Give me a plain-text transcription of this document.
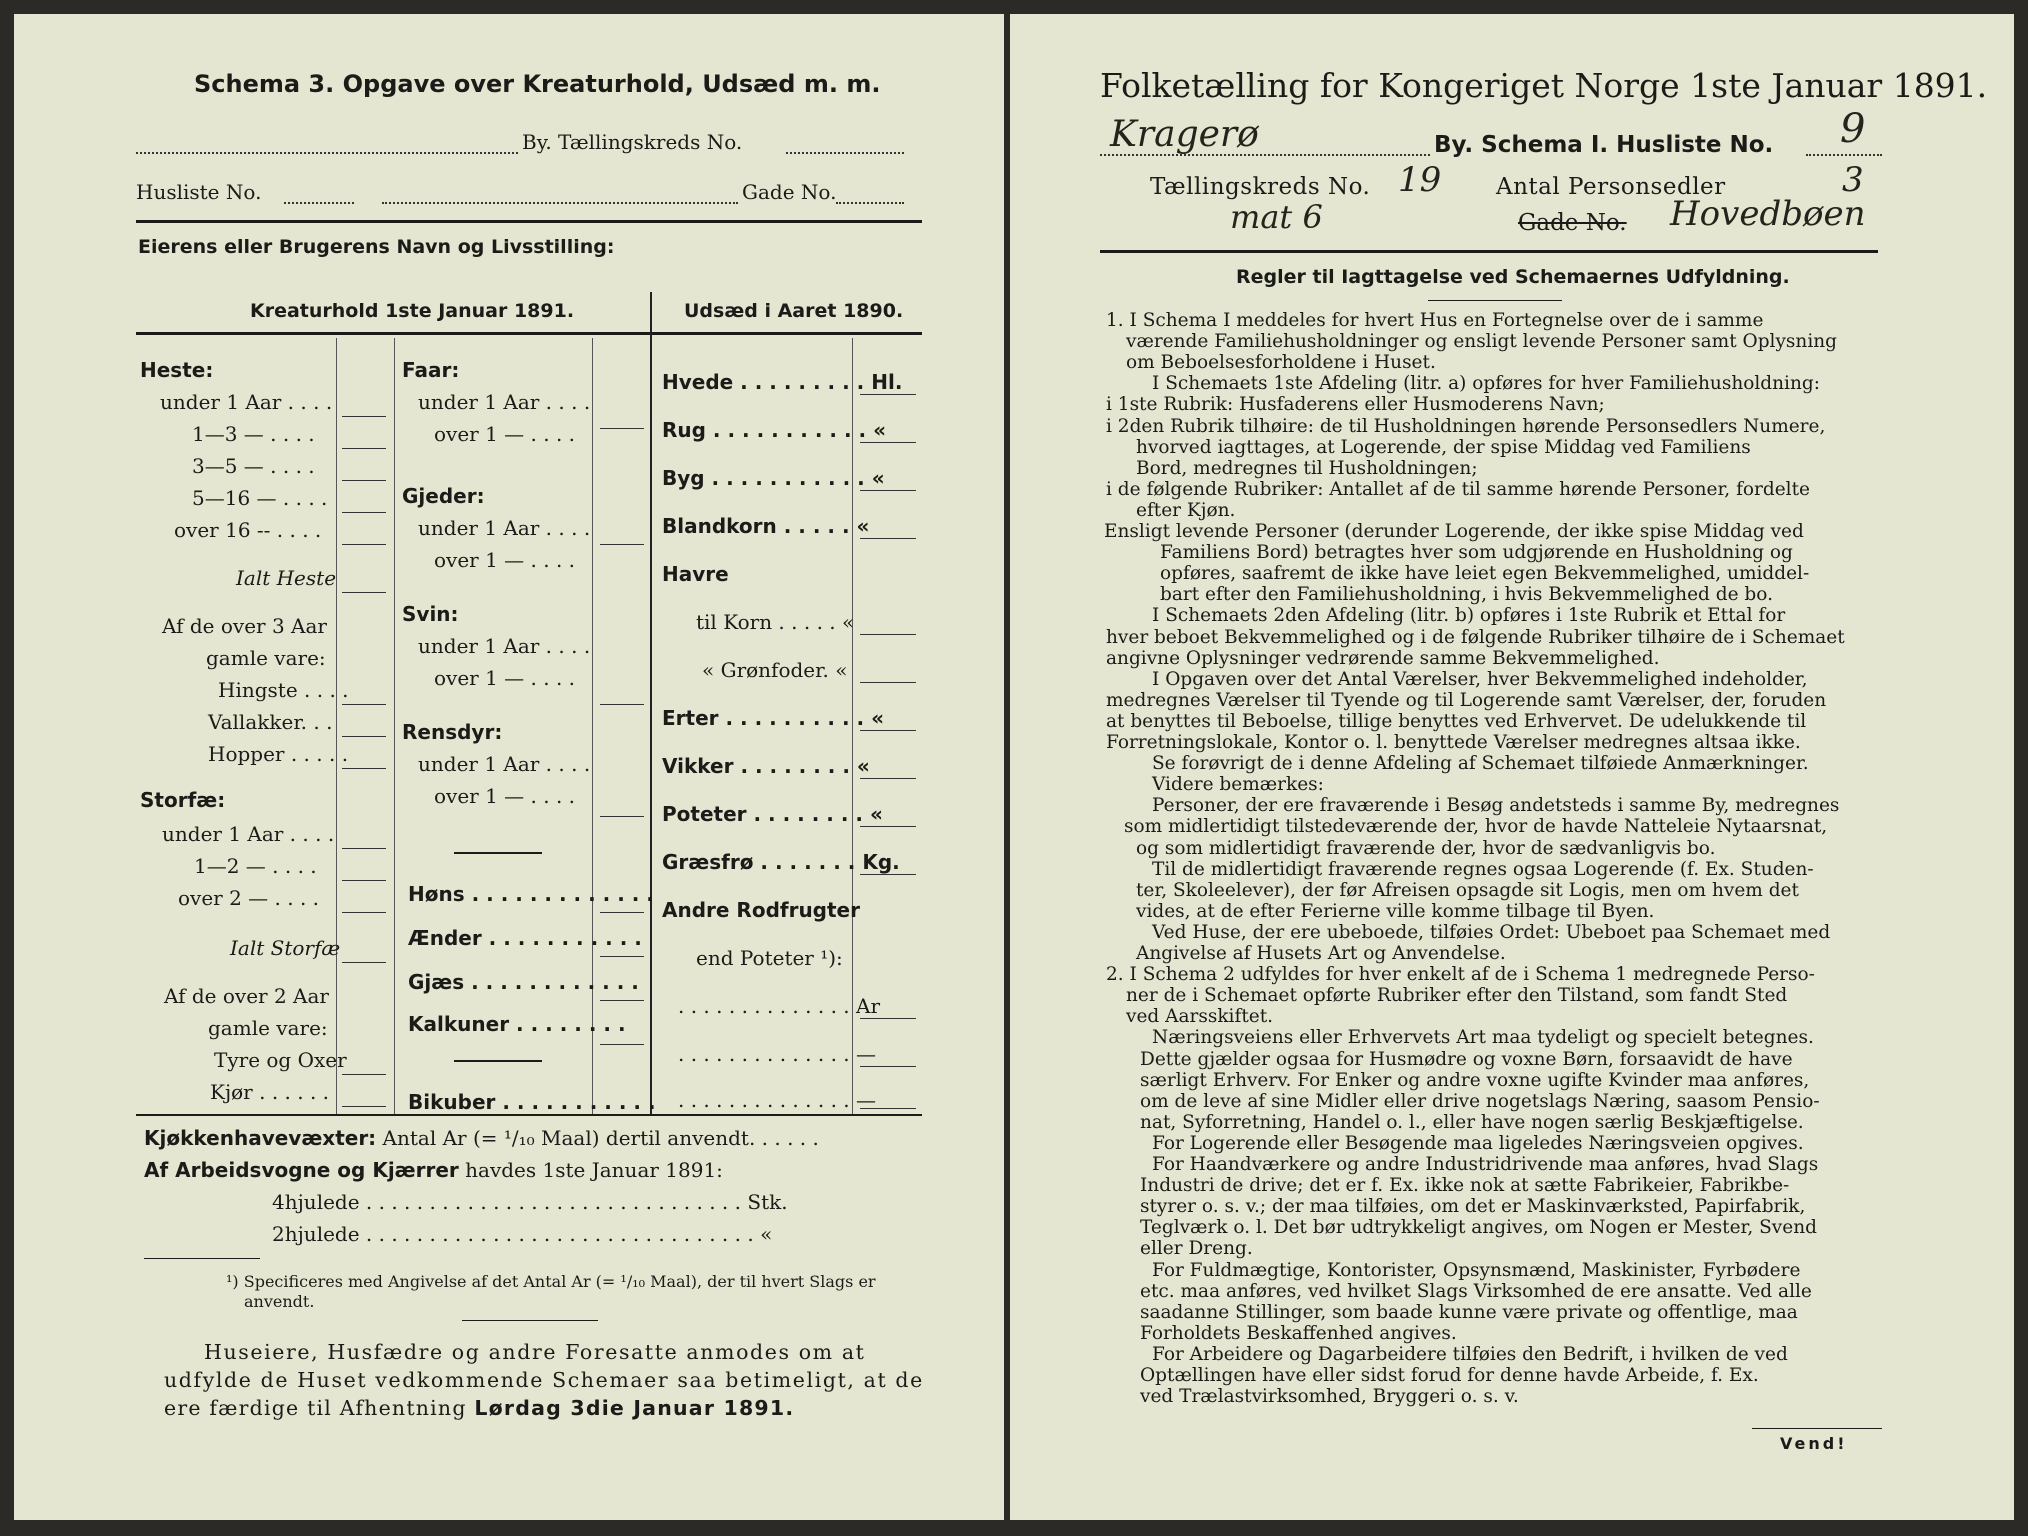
Schema 3. Opgave over Kreaturhold, Udsæd m. m.
By. Tællingskreds No.
Husliste No.	Gade No.
Eierens eller Brugerens Navn og Livsstilling:
Kreaturhold 1ste Januar 1891.	Udsæd i Aaret 1890.
Heste:
under 1 Aar . . . .
1—3 — . . . .
3—5 — . . . .
5—16 — . . . .
over 16 -- . . . .
Ialt Heste
Af de over 3 Aar
gamle vare:
Hingste . . . .
Vallakker. . .
Hopper . . . . .
Storfæ:
under 1 Aar . . . .
1—2 — . . . .
over 2 — . . . .
Ialt Storfæ
Af de over 2 Aar
gamle vare:
Tyre og Oxer
Kjør . . . . . .
Faar:
under 1 Aar . . . .
over 1 — . . . .
Gjeder:
under 1 Aar . . . .
over 1 — . . . .
Svin:
under 1 Aar . . . .
over 1 — . . . .
Rensdyr:
under 1 Aar . . . .
over 1 — . . . .
Høns . . . . . . . . . . . . .
Ænder . . . . . . . . . . .
Gjæs . . . . . . . . . . . .
Kalkuner . . . . . . . .
Bikuber . . . . . . . . . . .
Hvede . . . . . . . . . Hl.
Rug . . . . . . . . . . . «
Byg . . . . . . . . . . . «
Blandkorn . . . . . «
Havre
til Korn . . . . . «
« Grønfoder. «
Erter . . . . . . . . . . «
Vikker . . . . . . . . «
Poteter . . . . . . . . «
Græsfrø . . . . . . . Kg.
Andre Rodfrugter
end Poteter ¹):
. . . . . . . . . . . . . . Ar
. . . . . . . . . . . . . . —
. . . . . . . . . . . . . . —
Kjøkkenhavevæxter: Antal Ar (= ¹/₁₀ Maal) dertil anvendt. . . . . .
Af Arbeidsvogne og Kjærrer havdes 1ste Januar 1891:
4hjulede . . . . . . . . . . . . . . . . . . . . . . . . . . . . . . Stk.
2hjulede . . . . . . . . . . . . . . . . . . . . . . . . . . . . . . . «
¹) Specificeres med Angivelse af det Antal Ar (= ¹/₁₀ Maal), der til hvert Slags er
anvendt.
Huseiere, Husfædre og andre Foresatte anmodes om at
udfylde de Huset vedkommende Schemaer saa betimeligt, at de
ere færdige til Afhentning Lørdag 3die Januar 1891.
Folketælling for Kongeriget Norge 1ste Januar 1891.
Kragerø	By. Schema I. Husliste No. 9
Tællingskreds No. 19 Antal Personsedler	3
mat 6	Gade No. Hovedbøen
Regler til Iagttagelse ved Schemaernes Udfyldning.
1. I Schema I meddeles for hvert Hus en Fortegnelse over de i samme
værende Familiehusholdninger og ensligt levende Personer samt Oplysning
om Beboelsesforholdene i Huset.
I Schemaets 1ste Afdeling (litr. a) opføres for hver Familiehusholdning:
i 1ste Rubrik: Husfaderens eller Husmoderens Navn;
i 2den Rubrik tilhøire: de til Husholdningen hørende Personsedlers Numere,
hvorved iagttages, at Logerende, der spise Middag ved Familiens
Bord, medregnes til Husholdningen;
i de følgende Rubriker: Antallet af de til samme hørende Personer, fordelte
efter Kjøn.
Ensligt levende Personer (derunder Logerende, der ikke spise Middag ved
Familiens Bord) betragtes hver som udgjørende en Husholdning og
opføres, saafremt de ikke have leiet egen Bekvemmelighed, umiddel-
bart efter den Familiehusholdning, i hvis Bekvemmelighed de bo.
I Schemaets 2den Afdeling (litr. b) opføres i 1ste Rubrik et Ettal for
hver beboet Bekvemmelighed og i de følgende Rubriker tilhøire de i Schemaet
angivne Oplysninger vedrørende samme Bekvemmelighed.
I Opgaven over det Antal Værelser, hver Bekvemmelighed indeholder,
medregnes Værelser til Tyende og til Logerende samt Værelser, der, foruden
at benyttes til Beboelse, tillige benyttes ved Erhvervet. De udelukkende til
Forretningslokale, Kontor o. l. benyttede Værelser medregnes altsaa ikke.
Se forøvrigt de i denne Afdeling af Schemaet tilføiede Anmærkninger.
Videre bemærkes:
Personer, der ere fraværende i Besøg andetsteds i samme By, medregnes
som midlertidigt tilstedeværende der, hvor de havde Natteleie Nytaarsnat,
og som midlertidigt fraværende der, hvor de sædvanligvis bo.
Til de midlertidigt fraværende regnes ogsaa Logerende (f. Ex. Studen-
ter, Skoleelever), der før Afreisen opsagde sit Logis, men om hvem det
vides, at de efter Ferierne ville komme tilbage til Byen.
Ved Huse, der ere ubeboede, tilføies Ordet: Ubeboet paa Schemaet med
Angivelse af Husets Art og Anvendelse.
2. I Schema 2 udfyldes for hver enkelt af de i Schema 1 medregnede Perso-
ner de i Schemaet opførte Rubriker efter den Tilstand, som fandt Sted
ved Aarsskiftet.
Næringsveiens eller Erhvervets Art maa tydeligt og specielt betegnes.
Dette gjælder ogsaa for Husmødre og voxne Børn, forsaavidt de have
særligt Erhverv. For Enker og andre voxne ugifte Kvinder maa anføres,
om de leve af sine Midler eller drive nogetslags Næring, saasom Pensio-
nat, Syforretning, Handel o. l., eller have nogen særlig Beskjæftigelse.
For Logerende eller Besøgende maa ligeledes Næringsveien opgives.
For Haandværkere og andre Industridrivende maa anføres, hvad Slags
Industri de drive; det er f. Ex. ikke nok at sætte Fabrikeier, Fabrikbe-
styrer o. s. v.; der maa tilføies, om det er Maskinværksted, Papirfabrik,
Teglværk o. l. Det bør udtrykkeligt angives, om Nogen er Mester, Svend
eller Dreng.
For Fuldmægtige, Kontorister, Opsynsmænd, Maskinister, Fyrbødere
etc. maa anføres, ved hvilket Slags Virksomhed de ere ansatte. Ved alle
saadanne Stillinger, som baade kunne være private og offentlige, maa
Forholdets Beskaffenhed angives.
For Arbeidere og Dagarbeidere tilføies den Bedrift, i hvilken de ved
Optællingen have eller sidst forud for denne havde Arbeide, f. Ex.
ved Trælastvirksomhed, Bryggeri o. s. v.
Vend!
